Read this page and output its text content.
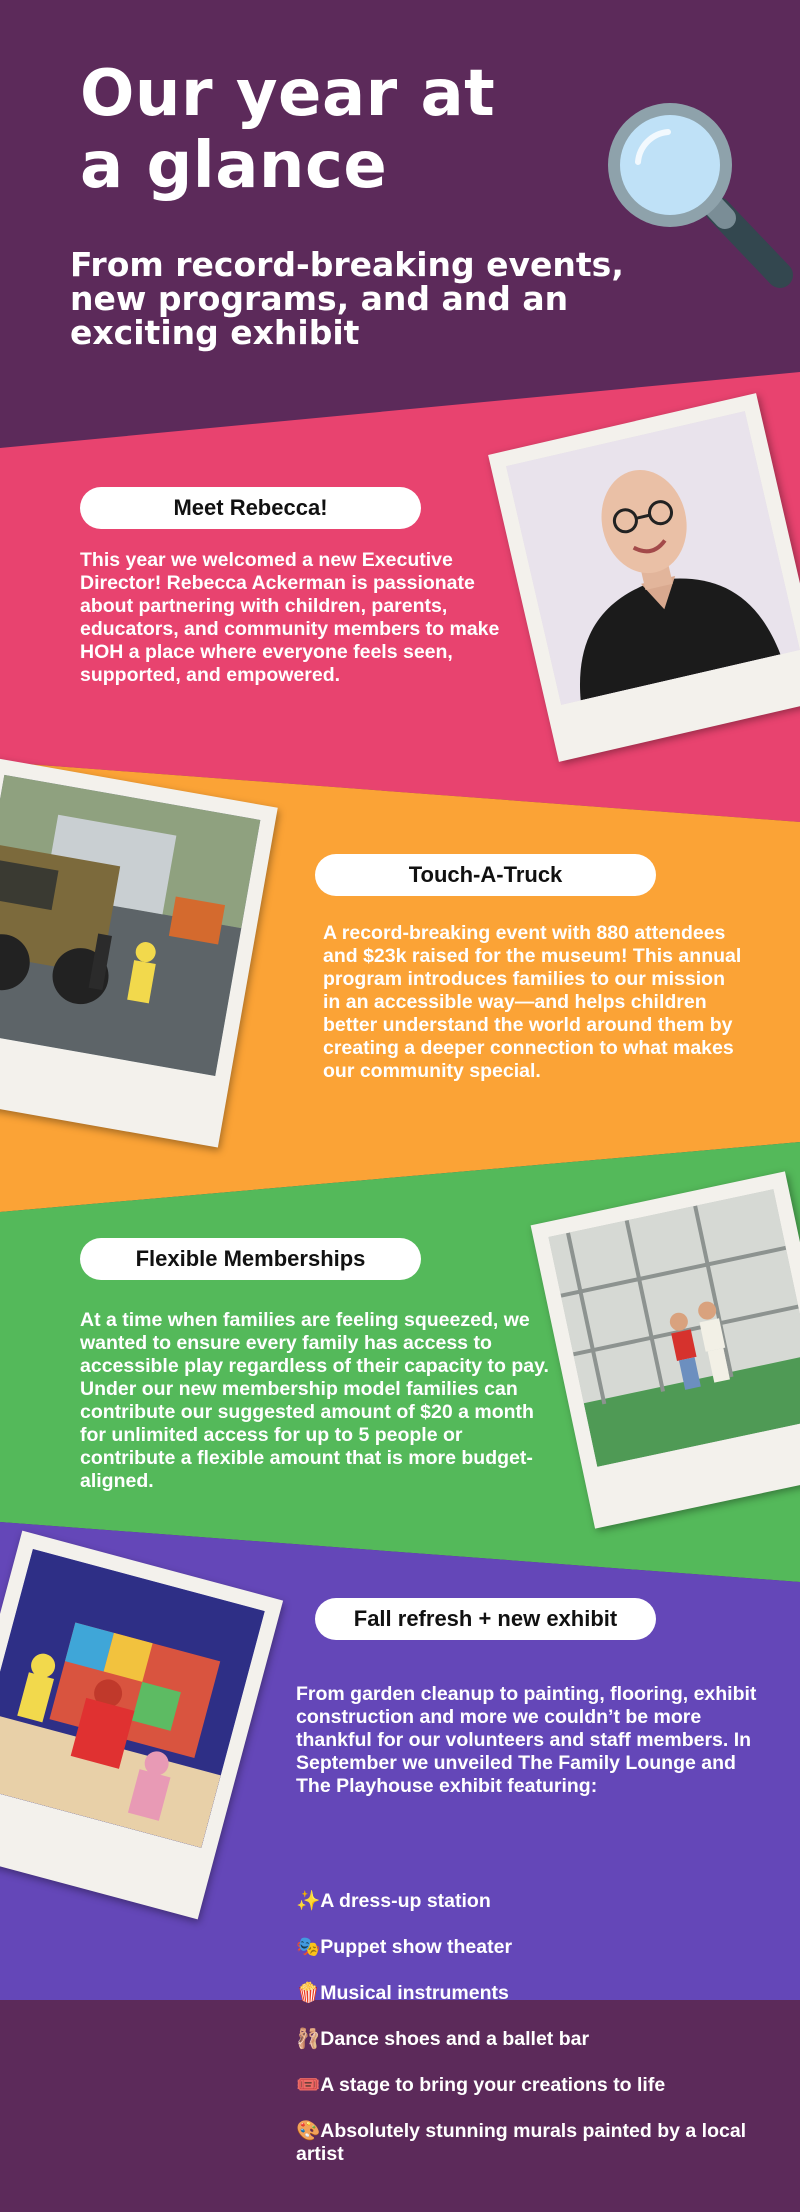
Our year at
a glance
From record-breaking events, new programs, and and an exciting exhibit
Meet Rebecca!
This year we welcomed a new Executive Director! Rebecca Ackerman is passionate about partnering with children, parents, educators, and community members to make HOH a place where everyone feels seen, supported, and empowered.
Touch-A-Truck
A record-breaking event with 880 attendees and $23k raised for the museum! This annual program introduces families to our mission in an accessible way—and helps children better understand the world around them by creating a deeper connection to what makes our community special.
Flexible Memberships
At a time when families are feeling squeezed, we wanted to ensure every family has access to accessible play regardless of their capacity to pay. Under our new membership model families can contribute our suggested amount of $20 a month for unlimited access for up to 5 people or contribute a flexible amount that is more budget-aligned.
Fall refresh + new exhibit

From garden cleanup to painting, flooring, exhibit construction and more we couldn’t be more thankful for our volunteers and staff members. In September we unveiled The Family Lounge and The Playhouse exhibit featuring:

✨A dress-up station

🎭Puppet show theater

🍿Musical instruments

🩰Dance shoes and a ballet bar

🎟️A stage to bring your creations to life

🎨Absolutely stunning murals painted by a local artist
